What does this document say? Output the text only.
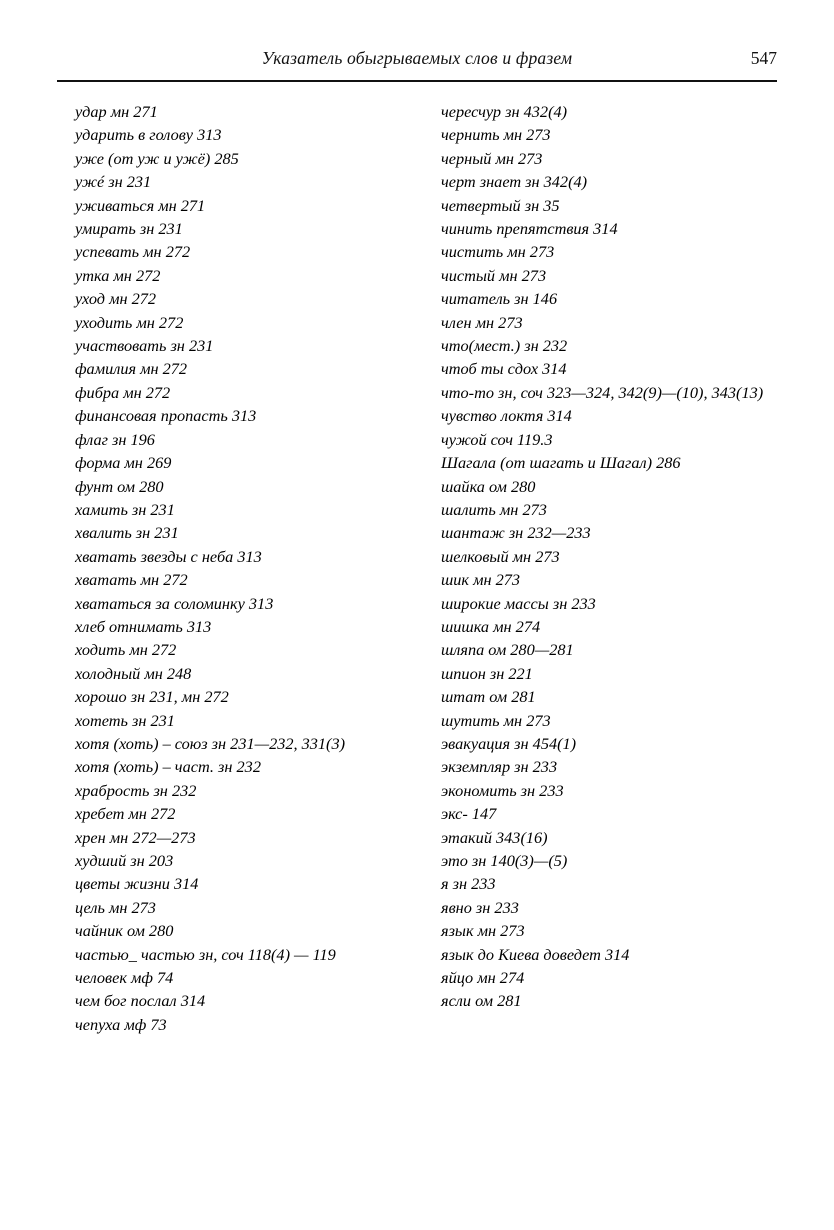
Указатель обыгрываемых слов и фразем	547
удар мн 271
ударить в голову 313
уже (от уж и ужё) 285
ужé зн 231
уживаться мн 271
умирать зн 231
успевать мн 272
утка мн 272
уход мн 272
уходить мн 272
участвовать зн 231
фамилия мн 272
фибра мн 272
финансовая пропасть 313
флаг зн 196
форма мн 269
фунт ом 280
хамить зн 231
хвалить зн 231
хватать звезды с неба 313
хватать мн 272
хвататься за соломинку 313
хлеб отнимать 313
ходить мн 272
холодный мн 248
хорошо зн 231, мн 272
хотеть зн 231
хотя (хоть) – союз зн 231—232, 331(3)
хотя (хоть) – част. зн 232
храбрость зн 232
хребет мн 272
хрен мн 272—273
худший зн 203
цветы жизни 314
цель мн 273
чайник ом 280
частью_ частью зн, соч 118(4) — 119
человек мф 74
чем бог послал 314
чепуха мф 73
чересчур зн 432(4)
чернить мн 273
черный мн 273
черт знает зн 342(4)
четвертый зн 35
чинить препятствия 314
чистить мн 273
чистый мн 273
читатель зн 146
член мн 273
что(мест.) зн 232
чтоб ты сдох 314
что-то зн, соч 323—324, 342(9)—(10), 343(13)
чувство локтя 314
чужой соч 119.3
Шагала (от шагать и Шагал) 286
шайка ом 280
шалить мн 273
шантаж зн 232—233
шелковый мн 273
шик мн 273
широкие массы зн 233
шишка мн 274
шляпа ом 280—281
шпион зн 221
штат ом 281
шутить мн 273
эвакуация зн 454(1)
экземпляр зн 233
экономить зн 233
экс- 147
этакий 343(16)
это зн 140(3)—(5)
я зн 233
явно зн 233
язык мн 273
язык до Киева доведет 314
яйцо мн 274
ясли ом 281
